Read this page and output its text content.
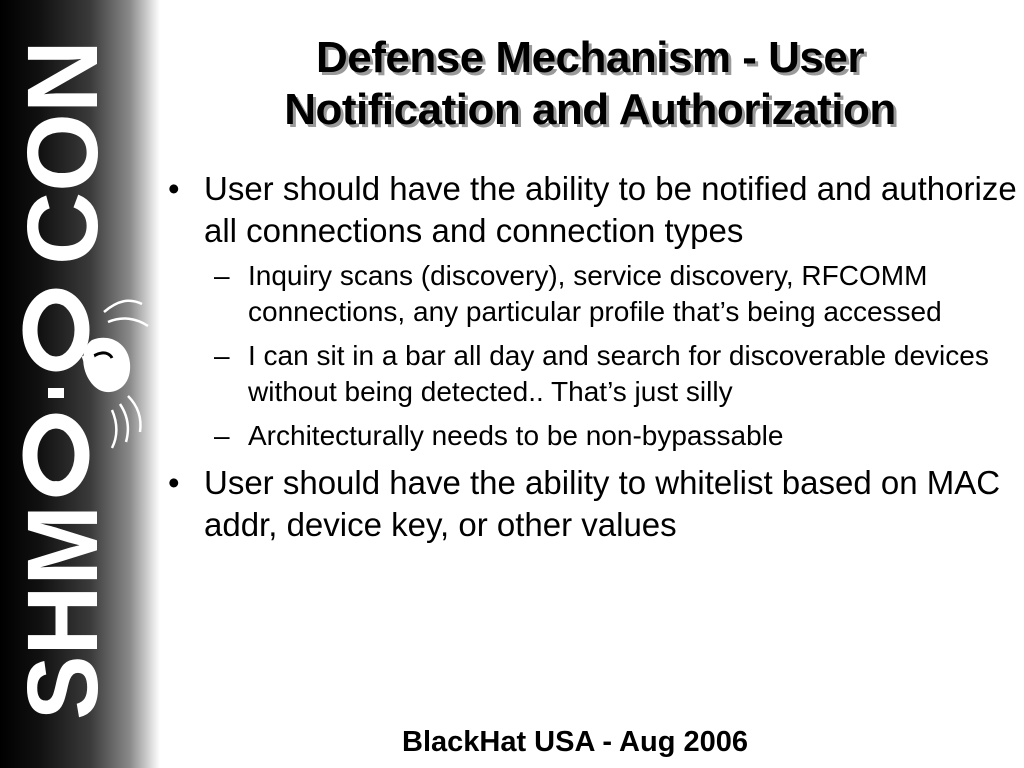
SHM
CON	Defense Mechanism - User
Notification and Authorization
• User should have the ability to be notified and authorize all connections and connection types
– Inquiry scans (discovery), service discovery, RFCOMM connections, any particular profile that’s being accessed
– I can sit in a bar all day and search for discoverable devices without being detected.. That’s just silly
– Architecturally needs to be non-bypassable
• User should have the ability to whitelist based on MAC addr, device key, or other values
BlackHat USA - Aug 2006
